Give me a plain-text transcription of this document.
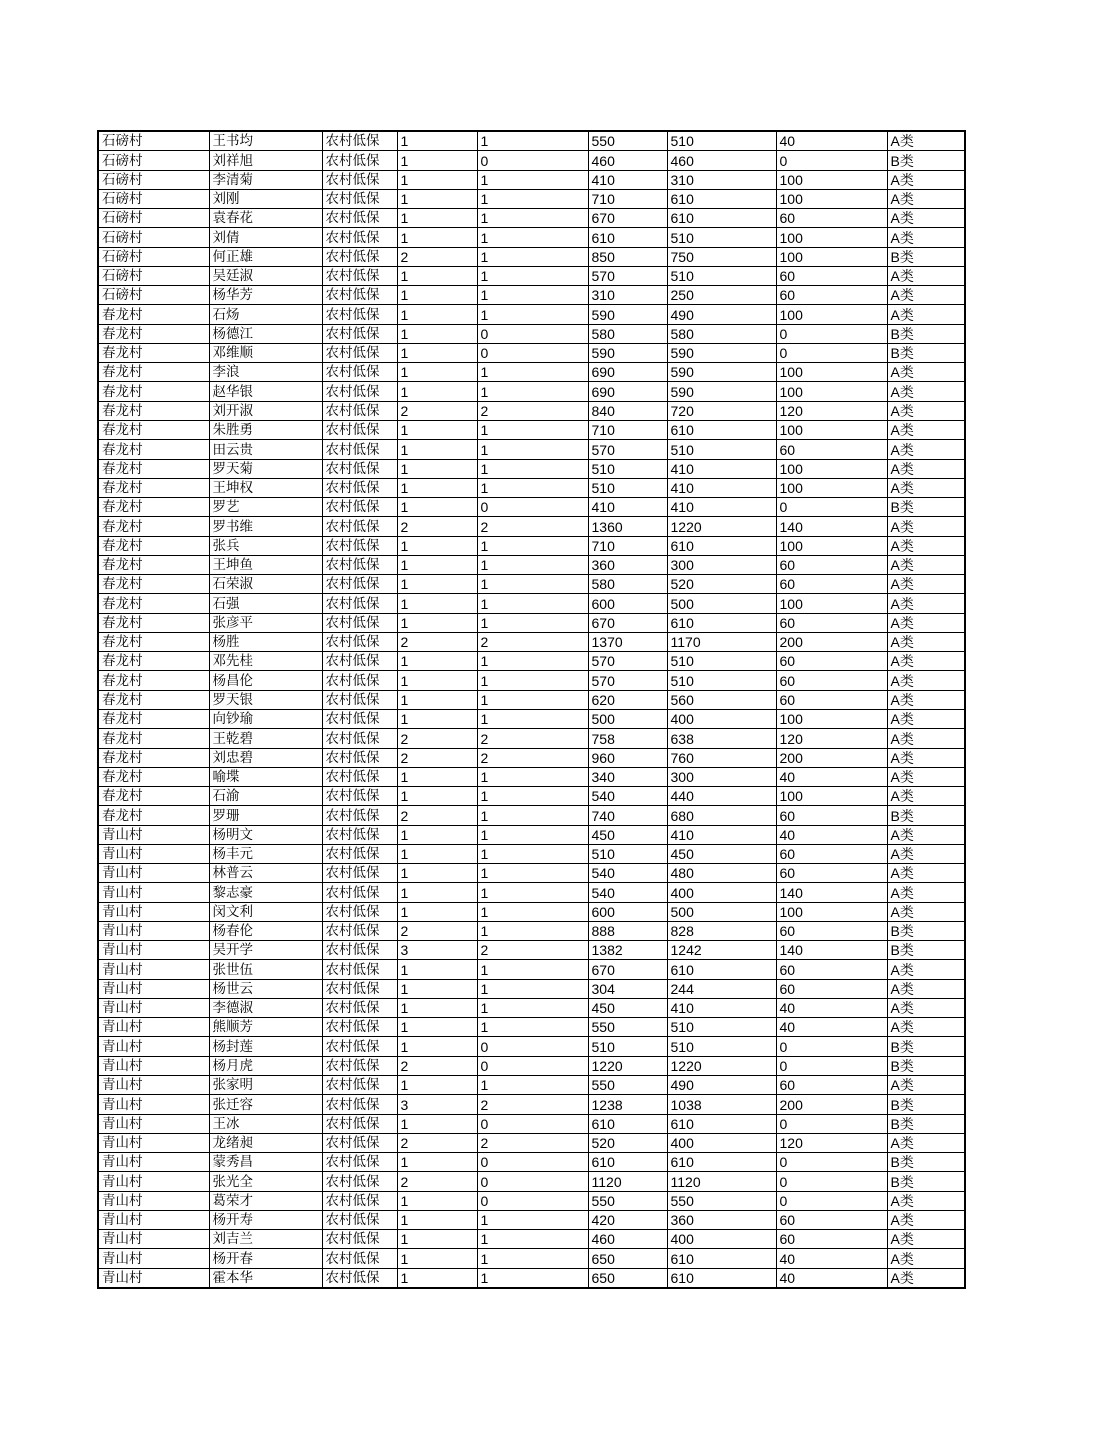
石磅村	王书均	农村低保	1	1	550	510	40	A类
石磅村	刘祥旭	农村低保	1	0	460	460	0	B类
石磅村	李清菊	农村低保	1	1	410	310	100	A类
石磅村	刘刚	农村低保	1	1	710	610	100	A类
石磅村	袁春花	农村低保	1	1	670	610	60	A类
石磅村	刘倩	农村低保	1	1	610	510	100	A类
石磅村	何正雄	农村低保	2	1	850	750	100	B类
石磅村	吴廷淑	农村低保	1	1	570	510	60	A类
石磅村	杨华芳	农村低保	1	1	310	250	60	A类
春龙村	石炀	农村低保	1	1	590	490	100	A类
春龙村	杨德江	农村低保	1	0	580	580	0	B类
春龙村	邓维顺	农村低保	1	0	590	590	0	B类
春龙村	李浪	农村低保	1	1	690	590	100	A类
春龙村	赵华银	农村低保	1	1	690	590	100	A类
春龙村	刘开淑	农村低保	2	2	840	720	120	A类
春龙村	朱胜勇	农村低保	1	1	710	610	100	A类
春龙村	田云贵	农村低保	1	1	570	510	60	A类
春龙村	罗天菊	农村低保	1	1	510	410	100	A类
春龙村	王坤权	农村低保	1	1	510	410	100	A类
春龙村	罗艺	农村低保	1	0	410	410	0	B类
春龙村	罗书维	农村低保	2	2	1360	1220	140	A类
春龙村	张兵	农村低保	1	1	710	610	100	A类
春龙村	王坤鱼	农村低保	1	1	360	300	60	A类
春龙村	石荣淑	农村低保	1	1	580	520	60	A类
春龙村	石强	农村低保	1	1	600	500	100	A类
春龙村	张彦平	农村低保	1	1	670	610	60	A类
春龙村	杨胜	农村低保	2	2	1370	1170	200	A类
春龙村	邓先桂	农村低保	1	1	570	510	60	A类
春龙村	杨昌伦	农村低保	1	1	570	510	60	A类
春龙村	罗天银	农村低保	1	1	620	560	60	A类
春龙村	向钞瑜	农村低保	1	1	500	400	100	A类
春龙村	王乾碧	农村低保	2	2	758	638	120	A类
春龙村	刘忠碧	农村低保	2	2	960	760	200	A类
春龙村	喻堞	农村低保	1	1	340	300	40	A类
春龙村	石渝	农村低保	1	1	540	440	100	A类
春龙村	罗珊	农村低保	2	1	740	680	60	B类
青山村	杨明文	农村低保	1	1	450	410	40	A类
青山村	杨丰元	农村低保	1	1	510	450	60	A类
青山村	林普云	农村低保	1	1	540	480	60	A类
青山村	黎志豪	农村低保	1	1	540	400	140	A类
青山村	闵文利	农村低保	1	1	600	500	100	A类
青山村	杨春伦	农村低保	2	1	888	828	60	B类
青山村	吴开学	农村低保	3	2	1382	1242	140	B类
青山村	张世伍	农村低保	1	1	670	610	60	A类
青山村	杨世云	农村低保	1	1	304	244	60	A类
青山村	李德淑	农村低保	1	1	450	410	40	A类
青山村	熊顺芳	农村低保	1	1	550	510	40	A类
青山村	杨封莲	农村低保	1	0	510	510	0	B类
青山村	杨月虎	农村低保	2	0	1220	1220	0	B类
青山村	张家明	农村低保	1	1	550	490	60	A类
青山村	张迁容	农村低保	3	2	1238	1038	200	B类
青山村	王冰	农村低保	1	0	610	610	0	B类
青山村	龙绪昶	农村低保	2	2	520	400	120	A类
青山村	蒙秀昌	农村低保	1	0	610	610	0	B类
青山村	张光全	农村低保	2	0	1120	1120	0	B类
青山村	葛荣才	农村低保	1	0	550	550	0	A类
青山村	杨开寿	农村低保	1	1	420	360	60	A类
青山村	刘吉兰	农村低保	1	1	460	400	60	A类
青山村	杨开春	农村低保	1	1	650	610	40	A类
青山村	霍本华	农村低保	1	1	650	610	40	A类
